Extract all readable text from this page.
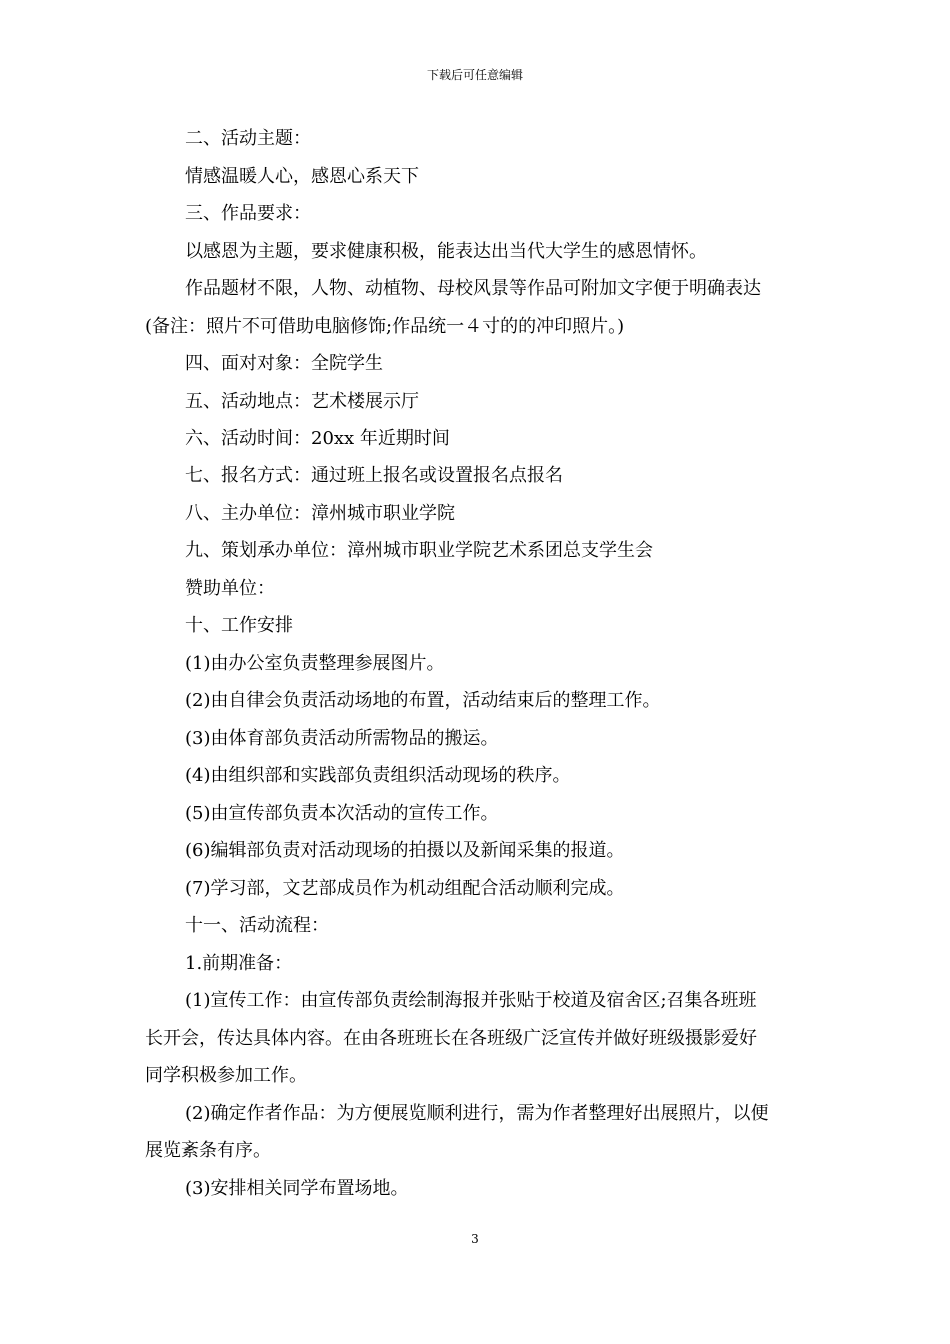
下载后可任意编辑
二、活动主题：
情感温暖人心，感恩心系天下
三、作品要求：
以感恩为主题，要求健康积极，能表达出当代大学生的感恩情怀。
作品题材不限，人物、动植物、母校风景等作品可附加文字便于明确表达
(备注：照片不可借助电脑修饰;作品统一４寸的的冲印照片。)
四、面对对象：全院学生
五、活动地点：艺术楼展示厅
六、活动时间：20xx 年近期时间
七、报名方式：通过班上报名或设置报名点报名
八、主办单位：漳州城市职业学院
九、策划承办单位：漳州城市职业学院艺术系团总支学生会
赞助单位：
十、工作安排
(1)由办公室负责整理参展图片。
(2)由自律会负责活动场地的布置，活动结束后的整理工作。
(3)由体育部负责活动所需物品的搬运。
(4)由组织部和实践部负责组织活动现场的秩序。
(5)由宣传部负责本次活动的宣传工作。
(6)编辑部负责对活动现场的拍摄以及新闻采集的报道。
(7)学习部，文艺部成员作为机动组配合活动顺利完成。
十一、活动流程：
1.前期准备：
(1)宣传工作：由宣传部负责绘制海报并张贴于校道及宿舍区;召集各班班
长开会，传达具体内容。在由各班班长在各班级广泛宣传并做好班级摄影爱好
同学积极参加工作。
(2)确定作者作品：为方便展览顺利进行，需为作者整理好出展照片，以便
展览紊条有序。
(3)安排相关同学布置场地。
3
